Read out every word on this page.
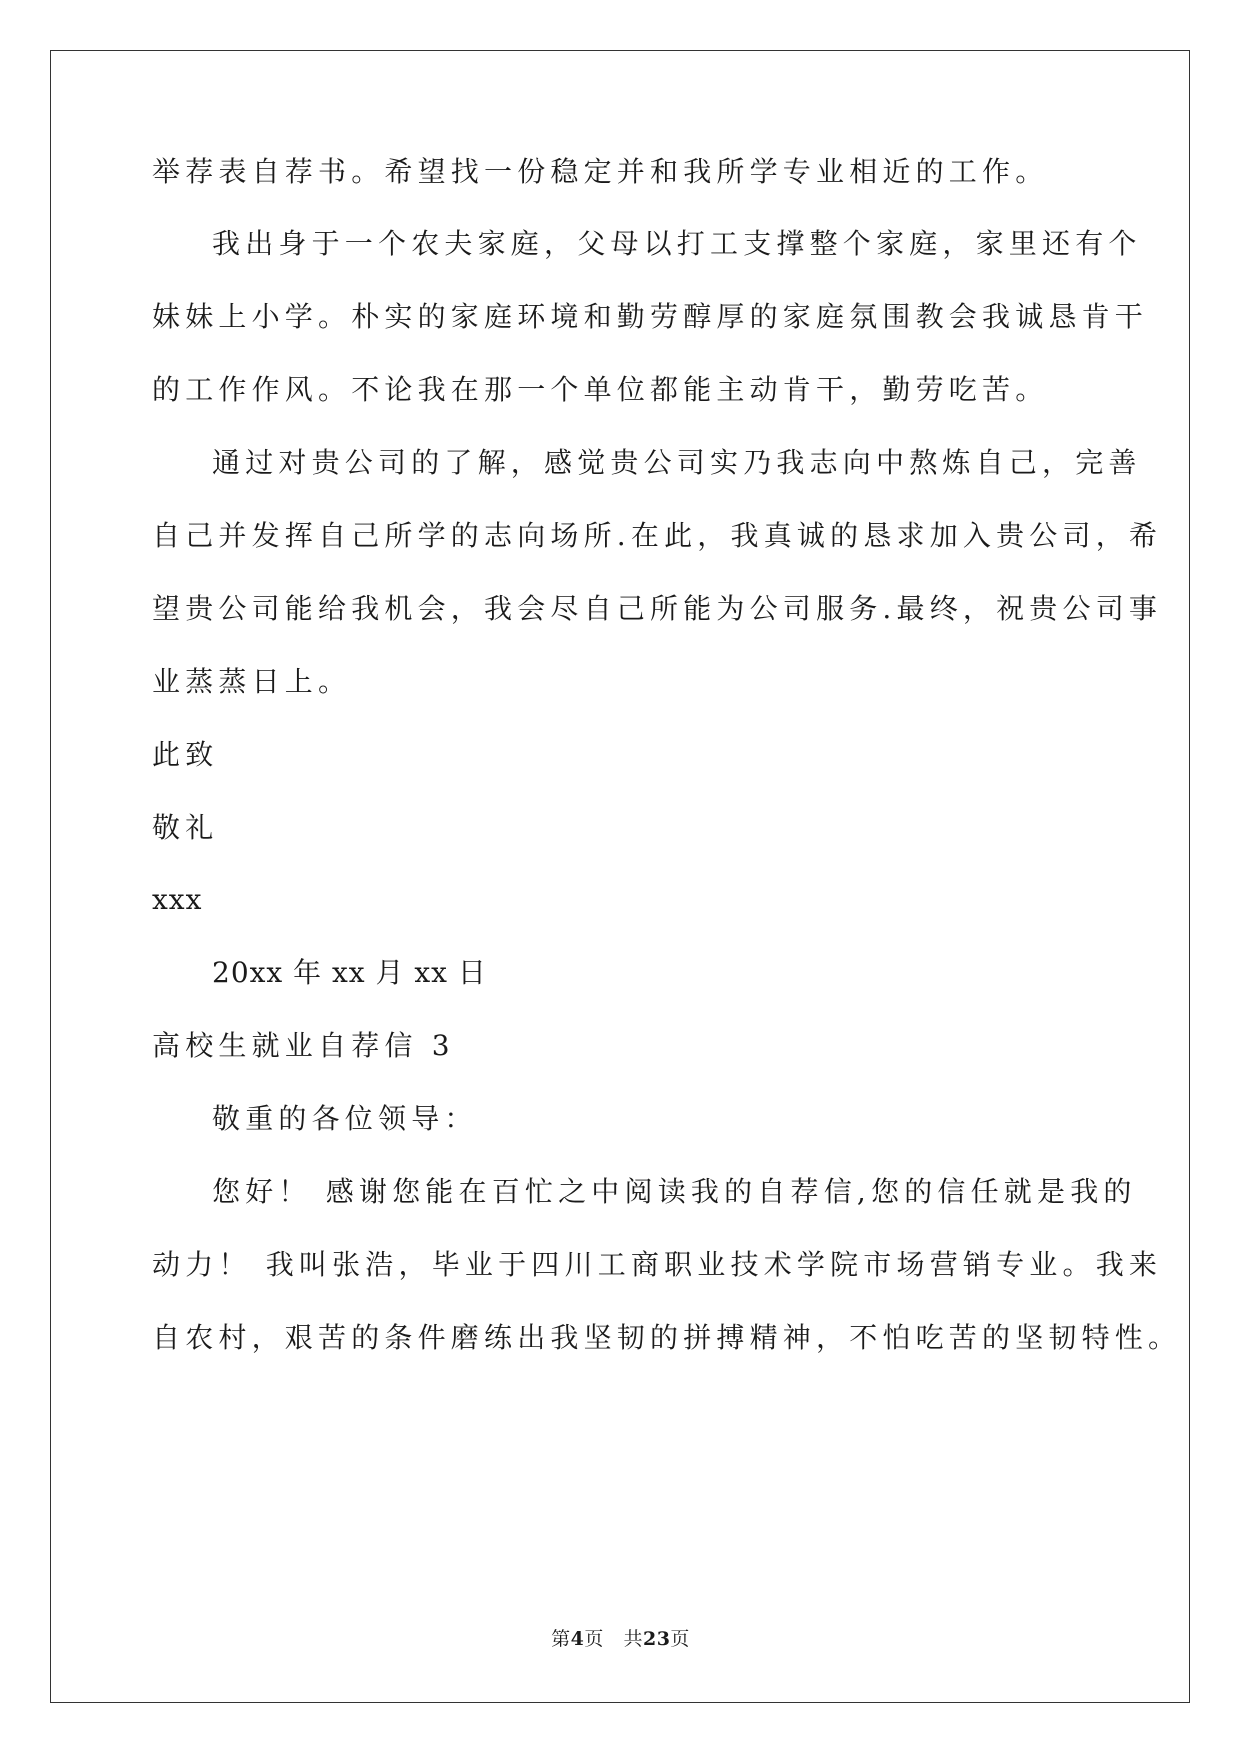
举荐表自荐书。希望找一份稳定并和我所学专业相近的工作。
我出身于一个农夫家庭，父母以打工支撑整个家庭，家里还有个
妹妹上小学。朴实的家庭环境和勤劳醇厚的家庭氛围教会我诚恳肯干
的工作作风。不论我在那一个单位都能主动肯干，勤劳吃苦。
通过对贵公司的了解，感觉贵公司实乃我志向中熬炼自己，完善
自己并发挥自己所学的志向场所.在此，我真诚的恳求加入贵公司，希
望贵公司能给我机会，我会尽自己所能为公司服务.最终，祝贵公司事
业蒸蒸日上。
此致
敬礼
xxx
20xx 年 xx 月 xx 日
高校生就业自荐信 3
敬重的各位领导：
您好！ 感谢您能在百忙之中阅读我的自荐信,您的信任就是我的
动力！ 我叫张浩，毕业于四川工商职业技术学院市场营销专业。我来
自农村，艰苦的条件磨练出我坚韧的拼搏精神，不怕吃苦的坚韧特性。
第4页 共23页
